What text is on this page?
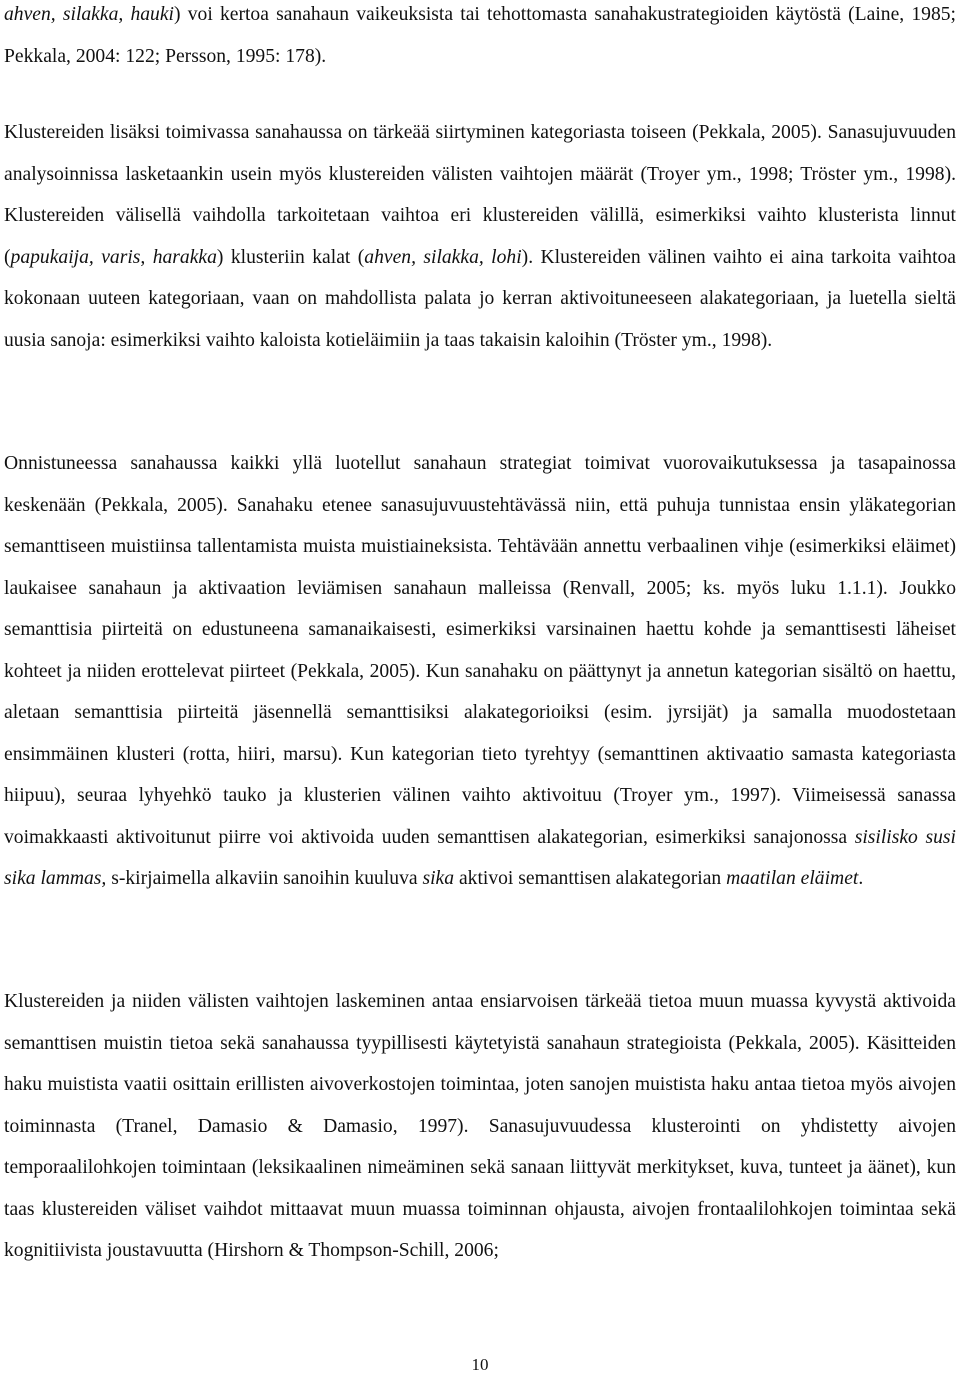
ahven, silakka, hauki) voi kertoa sanahaun vaikeuksista tai tehottomasta sanahakustrategioiden käytöstä (Laine, 1985; Pekkala, 2004: 122; Persson, 1995: 178).

Klustereiden lisäksi toimivassa sanahaussa on tärkeää siirtyminen kategoriasta toiseen (Pekkala, 2005). Sanasujuvuuden analysoinnissa lasketaankin usein myös klustereiden välisten vaihtojen määrät (Troyer ym., 1998; Tröster ym., 1998). Klustereiden välisellä vaihdolla tarkoitetaan vaihtoa eri klustereiden välillä, esimerkiksi vaihto klusterista linnut (papukaija, varis, harakka) klusteriin kalat (ahven, silakka, lohi). Klustereiden välinen vaihto ei aina tarkoita vaihtoa kokonaan uuteen kategoriaan, vaan on mahdollista palata jo kerran aktivoituneeseen alakategoriaan, ja luetella sieltä uusia sanoja: esimerkiksi vaihto kaloista kotieläimiin ja taas takaisin kaloihin (Tröster ym., 1998).

Onnistuneessa sanahaussa kaikki yllä luotellut sanahaun strategiat toimivat vuorovaikutuksessa ja tasapainossa keskenään (Pekkala, 2005). Sanahaku etenee sanasujuvuustehtävässä niin, että puhuja tunnistaa ensin yläkategorian semanttiseen muistiinsa tallentamista muista muistiaineksista. Tehtävään annettu verbaalinen vihje (esimerkiksi eläimet) laukaisee sanahaun ja aktivaation leviämisen sanahaun malleissa (Renvall, 2005; ks. myös luku 1.1.1). Joukko semanttisia piirteitä on edustuneena samanaikaisesti, esimerkiksi varsinainen haettu kohde ja semanttisesti läheiset kohteet ja niiden erottelevat piirteet (Pekkala, 2005). Kun sanahaku on päättynyt ja annetun kategorian sisältö on haettu, aletaan semanttisia piirteitä jäsennellä semanttisiksi alakategorioiksi (esim. jyrsijät) ja samalla muodostetaan ensimmäinen klusteri (rotta, hiiri, marsu). Kun kategorian tieto tyrehtyy (semanttinen aktivaatio samasta kategoriasta hiipuu), seuraa lyhyehkö tauko ja klusterien välinen vaihto aktivoituu (Troyer ym., 1997). Viimeisessä sanassa voimakkaasti aktivoitunut piirre voi aktivoida uuden semanttisen alakategorian, esimerkiksi sanajonossa sisilisko susi sika lammas, s-kirjaimella alkaviin sanoihin kuuluva sika aktivoi semanttisen alakategorian maatilan eläimet.

Klustereiden ja niiden välisten vaihtojen laskeminen antaa ensiarvoisen tärkeää tietoa muun muassa kyvystä aktivoida semanttisen muistin tietoa sekä sanahaussa tyypillisesti käytetyistä sanahaun strategioista (Pekkala, 2005). Käsitteiden haku muistista vaatii osittain erillisten aivoverkostojen toimintaa, joten sanojen muistista haku antaa tietoa myös aivojen toiminnasta (Tranel, Damasio & Damasio, 1997). Sanasujuvuudessa klusterointi on yhdistetty aivojen temporaalilohkojen toimintaan (leksikaalinen nimeäminen sekä sanaan liittyvät merkitykset, kuva, tunteet ja äänet), kun taas klustereiden väliset vaihdot mittaavat muun muassa toiminnan ohjausta, aivojen frontaalilohkojen toimintaa sekä kognitiivista joustavuutta (Hirshorn & Thompson-Schill, 2006;

10
